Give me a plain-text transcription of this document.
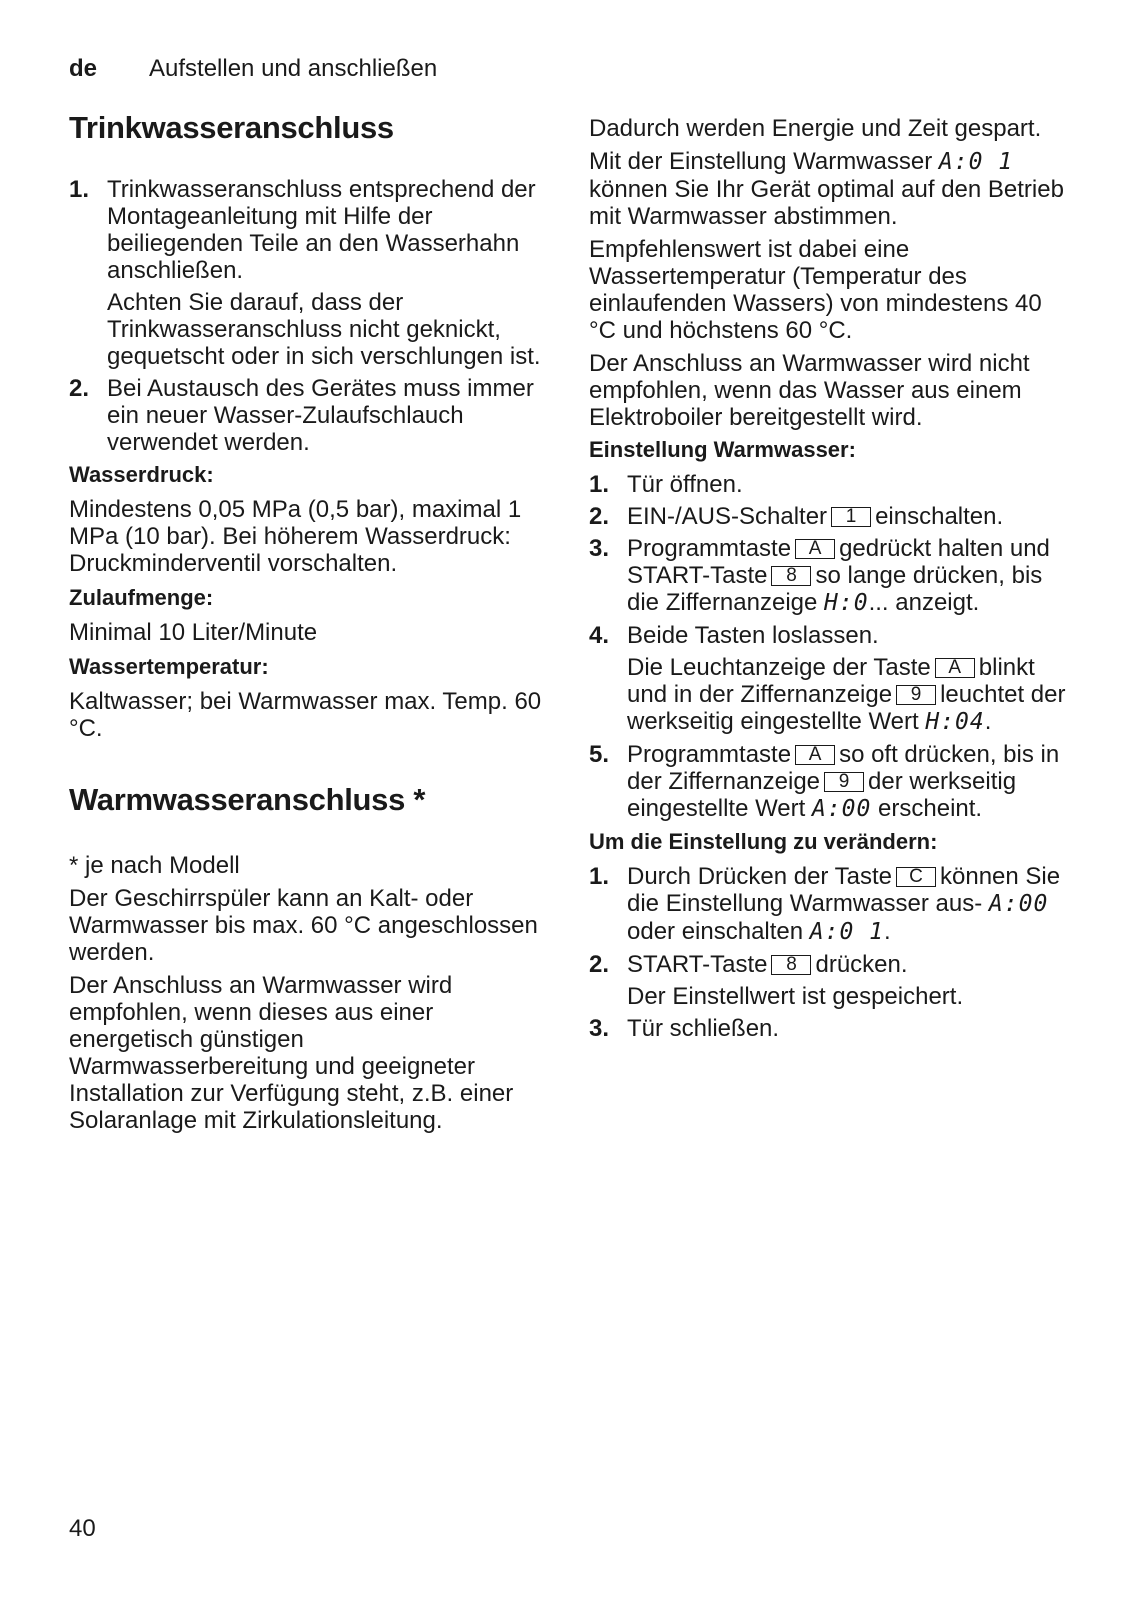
de Aufstellen und anschließen
Trinkwasseranschluss
1. Trinkwasseranschluss entsprechend der Montageanleitung mit Hilfe der beiliegenden Teile an den Wasserhahn anschließen.

Achten Sie darauf, dass der Trinkwasseranschluss nicht geknickt, gequetscht oder in sich verschlungen ist.

2. Bei Austausch des Gerätes muss immer ein neuer Wasser-Zulaufschlauch verwendet werden.
Wasserdruck:

Mindestens 0,05 MPa (0,5 bar), maximal 1 MPa (10 bar). Bei höherem Wasserdruck: Druckminderventil vorschalten.

Zulaufmenge:

Minimal 10 Liter/Minute

Wassertemperatur:

Kaltwasser; bei Warmwasser max. Temp. 60 °C.

Warmwasseranschluss *

* je nach Modell

Der Geschirrspüler kann an Kalt- oder Warmwasser bis max. 60 °C angeschlossen werden.

Der Anschluss an Warmwasser wird empfohlen, wenn dieses aus einer energetisch günstigen Warmwasserbereitung und geeigneter Installation zur Verfügung steht, z.B. einer Solaranlage mit Zirkulationsleitung.

Dadurch werden Energie und Zeit gespart.

Mit der Einstellung Warmwasser A:0 1 können Sie Ihr Gerät optimal auf den Betrieb mit Warmwasser abstimmen.

Empfehlenswert ist dabei eine Wassertemperatur (Temperatur des einlaufenden Wassers) von mindestens 40 °C und höchstens 60 °C.

Der Anschluss an Warmwasser wird nicht empfohlen, wenn das Wasser aus einem Elektroboiler bereitgestellt wird.

Einstellung Warmwasser:
1. Tür öffnen.
2. EIN-/AUS-Schalter 1 einschalten.
3. Programmtaste A gedrückt halten und START-Taste 8 so lange drücken, bis die Ziffernanzeige H:0... anzeigt.
4. Beide Tasten loslassen.

Die Leuchtanzeige der Taste A blinkt und in der Ziffernanzeige 9 leuchtet der werkseitig eingestellte Wert H:04.

5. Programmtaste A so oft drücken, bis in der Ziffernanzeige 9 der werkseitig eingestellte Wert A:00 erscheint.
Um die Einstellung zu verändern:
1. Durch Drücken der Taste C können Sie die Einstellung Warmwasser aus- A:00 oder einschalten A:0 1.
2. START-Taste 8 drücken.

Der Einstellwert ist gespeichert.

3. Tür schließen.
40
